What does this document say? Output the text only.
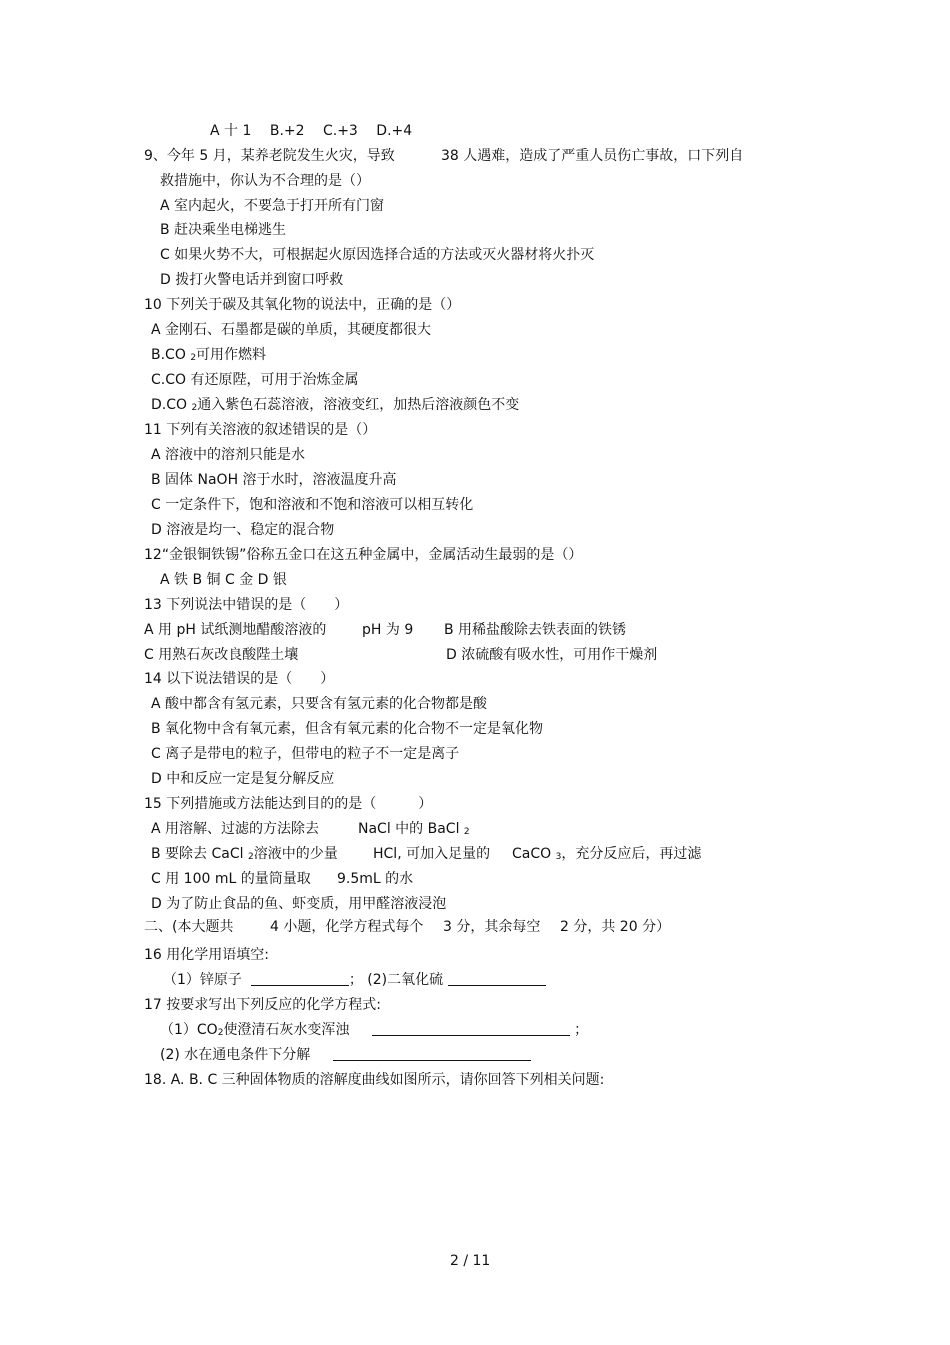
A 十 1　 B.+2　 C.+3　 D.+4
9、今年 5 月，某养老院发生火灾，导致	38 人遇难，造成了严重人员伤亡事故，口下列自
救措施中，你认为不合理的是（）
A 室内起火，不要急于打开所有门窗
B 赶决乘坐电梯逃生
C 如果火势不大，可根据起火原因选择合适的方法或灭火器材将火扑灭
D 拨打火警电话并到窗口呼救
10 下列关于碳及其氧化物的说法中，正确的是（）
A 金刚石、石墨都是碳的单质，其硬度都很大
B.CO $_2$可用作燃料
C.CO 有还原陛，可用于治炼金属
D.CO $_2$通入紫色石蕊溶液，溶液变红，加热后溶液颜色不变
11 下列有关溶液的叙述错误的是（）
A 溶液中的溶剂只能是水
B 固体 NaOH 溶于水时，溶液温度升高
C 一定条件下，饱和溶液和不饱和溶液可以相互转化
D 溶液是均一、稳定的混合物
12“金银铜铁锡”俗称五金口在这五种金属中，金属活动生最弱的是（）
A 铁 B 铜 C 金 D 银
13 下列说法中错误的是（　　）
A 用 pH 试纸测地醋酸溶液的	pH 为 9 B 用稀盐酸除去铁表面的铁锈
C 用熟石灰改良酸陛土壤	D 浓硫酸有吸水性，可用作干燥剂
14 以下说法错误的是（　　）
A 酸中都含有氢元素，只要含有氢元素的化合物都是酸
B 氧化物中含有氧元素，但含有氧元素的化合物不一定是氧化物
C 离子是带电的粒子，但带电的粒子不一定是离子
D 中和反应一定是复分解反应
15 下列措施或方法能达到目的的是（　　　）
A 用溶解、过滤的方法除去	NaCl 中的 BaCl $_2$
B 要除去 CaCl $_2$溶液中的少量	HCl, 可加入足量的 CaCO $_3$，充分反应后，再过滤
C 用 100 mL 的量筒量取 9.5mL 的水
D 为了防止食品的鱼、虾变质，用甲醛溶液浸泡
二、(本大题共	4 小题，化学方程式每个 3 分，其余每空 2 分，共 20 分）
16 用化学用语填空:
（1）锌原子	； (2)二氧化硫
17 按要求写出下列反应的化学方程式:
$(1)CO_2$使澄清石灰水变浑浊	；
(2) 水在通电条件下分解
18. A. B. C 三种固体物质的溶解度曲线如图所示，请你回答下列相关问题:
2 / 11
